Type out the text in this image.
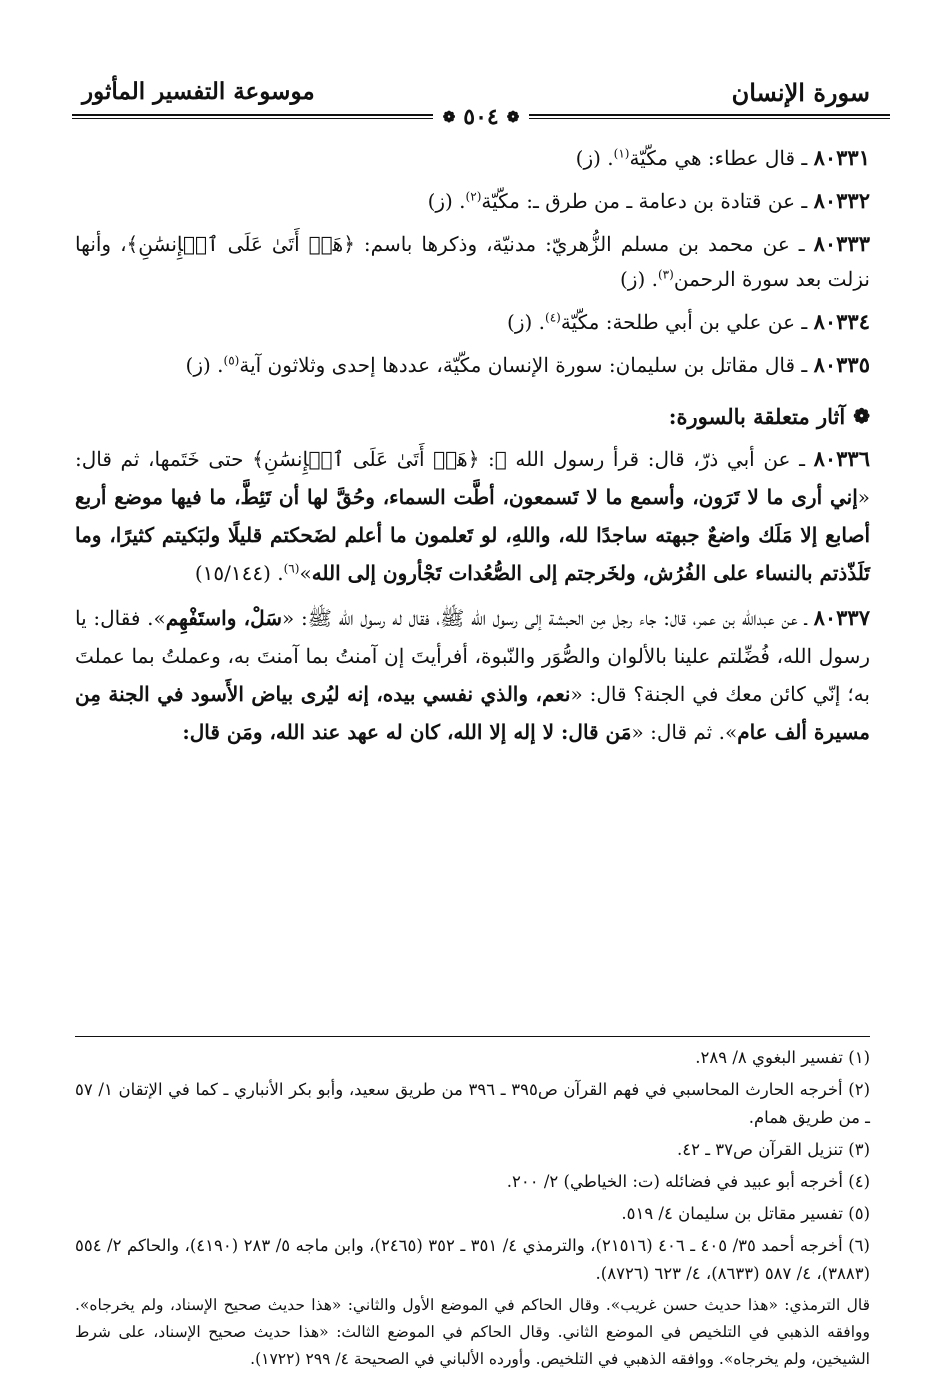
سورة الإنسان
موسوعة التفسير المأثور
❁
٥٠٤
❁
٨٠٣٣١ ـ قال عطاء: هي مكّيّة$^{(١)}$. (ز)
٨٠٣٣٢ ـ عن قتادة بن دعامة ـ من طرق ـ: مكّيّة$^{(٢)}$. (ز)
٨٠٣٣٣ ـ عن محمد بن مسلم الزُّهريّ: مدنيّة، وذكرها باسم: ﴿هَلۡ أَتَىٰ عَلَى ٱلۡإِنسَٰنِ﴾، وأنها نزلت بعد سورة الرحمن$^{(٣)}$. (ز)
٨٠٣٣٤ ـ عن علي بن أبي طلحة: مكّيّة$^{(٤)}$. (ز)
٨٠٣٣٥ ـ قال مقاتل بن سليمان: سورة الإنسان مكّيّة، عددها إحدى وثلاثون آية$^{(٥)}$. (ز)
❁
آثار متعلقة بالسورة:
٨٠٣٣٦ ـ عن أبي ذرّ، قال: قرأ رسول الله ﷺ: ﴿هَلۡ أَتَىٰ عَلَى ٱلۡإِنسَٰنِ﴾ حتى خَتَمها، ثم قال: «إني أرى ما لا تَرَون، وأسمع ما لا تَسمعون، أطَّت السماء، وحُقَّ لها أن تَئِطَّ، ما فيها موضع أربع أصابع إلا مَلَك واضعٌ جبهته ساجدًا لله، واللهِ، لو تَعلمون ما أعلم لضَحكتم قليلًا ولبَكيتم كثيرًا، وما تَلَذّذتم بالنساء على الفُرُش، ولخَرجتم إلى الصُّعُدات تَجْأرون إلى الله»$^{(٦)}$. (١٥/١٤٤)
٨٠٣٣٧ ـ عن عبدالله بن عمر، قال: جاء رجل مِن الحبشة إلى رسول الله ﷺ، فقال له رسول الله ﷺ: «سَلْ، واستَفْهِم». فقال: يا رسول الله، فُضِّلتم علينا بالألوان والصُّوَر والنّبوة، أفرأيتَ إن آمنتُ بما آمنتَ به، وعملتُ بما عملتَ به؛ إنّي كائن معك في الجنة؟ قال: «نعم، والذي نفسي بيده، إنه ليُرى بياض الأَسود في الجنة مِن مسيرة ألف عام». ثم قال: «مَن قال: لا إله إلا الله، كان له عهد عند الله، ومَن قال:
(١) تفسير البغوي ٨/ ٢٨٩.
(٢) أخرجه الحارث المحاسبي في فهم القرآن ص٣٩٥ ـ ٣٩٦ من طريق سعيد، وأبو بكر الأنباري ـ كما في الإتقان ١/ ٥٧ ـ من طريق همام.
(٣) تنزيل القرآن ص٣٧ ـ ٤٢.
(٤) أخرجه أبو عبيد في فضائله (ت: الخياطي) ٢/ ٢٠٠.
(٥) تفسير مقاتل بن سليمان ٤/ ٥١٩.
(٦) أخرجه أحمد ٣٥/ ٤٠٥ ـ ٤٠٦ (٢١٥١٦)، والترمذي ٤/ ٣٥١ ـ ٣٥٢ (٢٤٦٥)، وابن ماجه ٥/ ٢٨٣ (٤١٩٠)، والحاكم ٢/ ٥٥٤ (٣٨٨٣)، ٤/ ٥٨٧ (٨٦٣٣)، ٤/ ٦٢٣ (٨٧٢٦).
قال الترمذي: «هذا حديث حسن غريب». وقال الحاكم في الموضع الأول والثاني: «هذا حديث صحيح الإسناد، ولم يخرجاه». ووافقه الذهبي في التلخيص في الموضع الثاني. وقال الحاكم في الموضع الثالث: «هذا حديث صحيح الإسناد، على شرط الشيخين، ولم يخرجاه». ووافقه الذهبي في التلخيص. وأورده الألباني في الصحيحة ٤/ ٢٩٩ (١٧٢٢).
